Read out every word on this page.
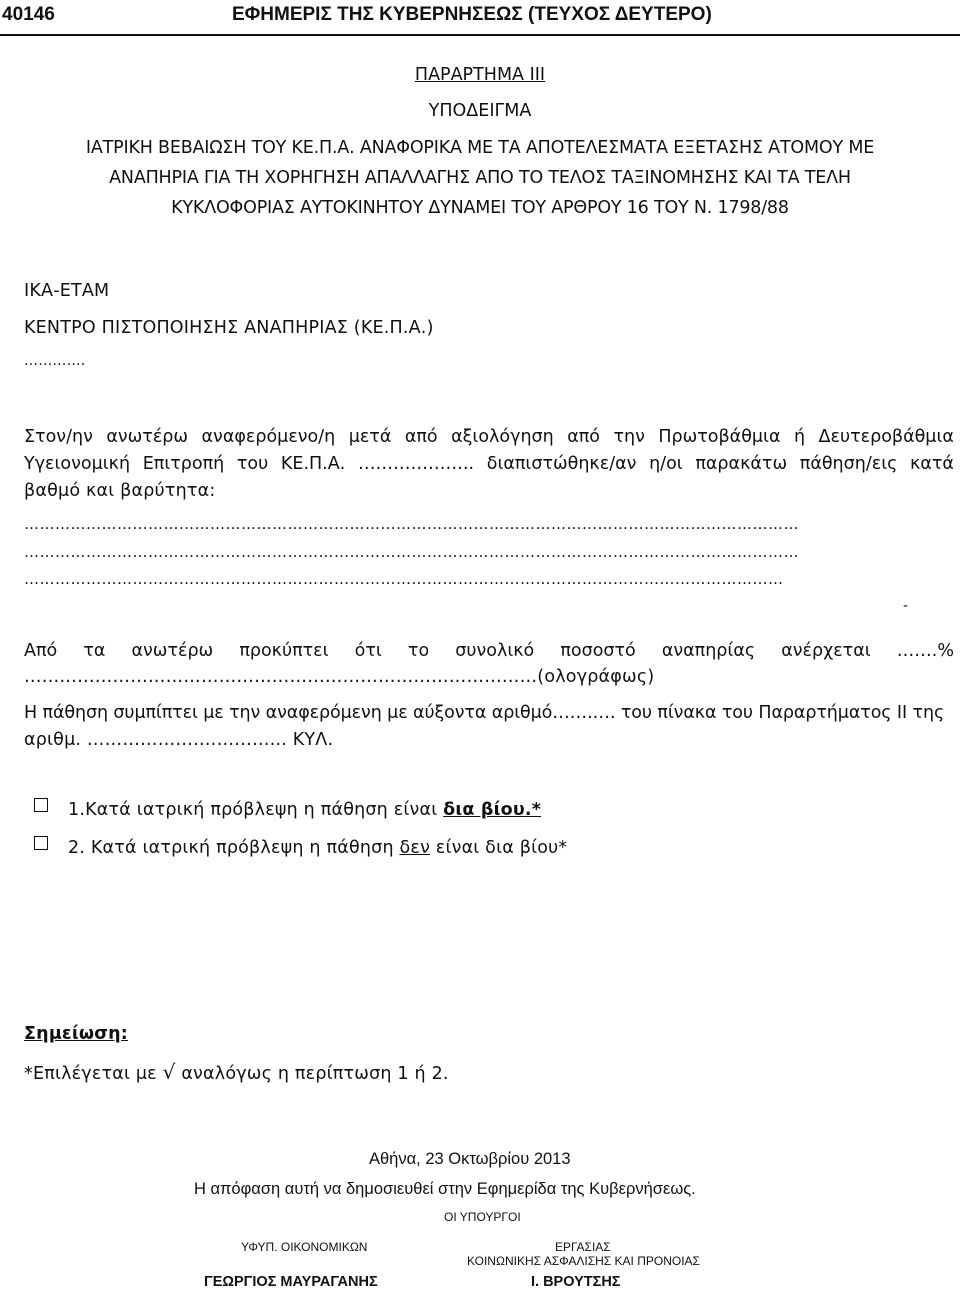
40146	ΕΦΗΜΕΡΙΣ ΤΗΣ ΚΥΒΕΡΝΗΣΕΩΣ (ΤΕΥΧΟΣ ΔΕΥΤΕΡΟ)
ΠΑΡΑΡΤΗΜΑ ΙΙΙ
ΥΠΟΔΕΙΓΜΑ
ΙΑΤΡΙΚΗ ΒΕΒΑΙΩΣΗ ΤΟΥ ΚΕ.Π.Α. ΑΝΑΦΟΡΙΚΑ ΜΕ ΤΑ ΑΠΟΤΕΛΕΣΜΑΤΑ ΕΞΕΤΑΣΗΣ ΑΤΟΜΟΥ ΜΕ
ΑΝΑΠΗΡΙΑ ΓΙΑ ΤΗ ΧΟΡΗΓΗΣΗ ΑΠΑΛΛΑΓΗΣ ΑΠΟ ΤΟ ΤΕΛΟΣ ΤΑΞΙΝΟΜΗΣΗΣ ΚΑΙ ΤΑ ΤΕΛΗ
ΚΥΚΛΟΦΟΡΙΑΣ ΑΥΤΟΚΙΝΗΤΟΥ ΔΥΝΑΜΕΙ ΤΟΥ ΑΡΘΡΟΥ 16 ΤΟΥ Ν. 1798/88
ΙΚΑ-ΕΤΑΜ
ΚΕΝΤΡΟ ΠΙΣΤΟΠΟΙΗΣΗΣ ΑΝΑΠΗΡΙΑΣ (ΚΕ.Π.Α.)
………….
Στον/ην ανωτέρω αναφερόμενο/η μετά από αξιολόγηση από την Πρωτοβάθμια ή Δευτεροβάθμια
Υγειονομική Επιτροπή του ΚΕ.Π.Α. ……………….. διαπιστώθηκε/αν η/οι παρακάτω πάθηση/εις κατά
βαθμό και βαρύτητα:
……………………………………………………………………………………………………………………………………
……………………………………………………………………………………………………………………………………
…………………………………………………………………………………………………………………………………
-
Από τα ανωτέρω προκύπτει ότι το συνολικό ποσοστό αναπηρίας ανέρχεται …….%
……………………………………………………………………………(ολογράφως)
Η πάθηση συμπίπτει με την αναφερόμενη με αύξοντα αριθμό…….…. του πίνακα του Παραρτήματος ΙΙ της
αριθμ. ……………….…………... ΚΥΛ.
1.Κατά ιατρική πρόβλεψη η πάθηση είναι δια βίου.*
2. Κατά ιατρική πρόβλεψη η πάθηση δεν είναι δια βίου*
Σημείωση:
*Επιλέγεται με √ αναλόγως η περίπτωση 1 ή 2.
Αθήνα, 23 Οκτωβρίου 2013
Η απόφαση αυτή να δημοσιευθεί στην Εφημερίδα της Κυβερνήσεως.
ΟΙ ΥΠΟΥΡΓΟΙ
ΥΦΥΠ. ΟΙΚΟΝΟΜΙΚΩΝ
ΓΕΩΡΓΙΟΣ ΜΑΥΡΑΓΑΝΗΣ
ΕΡΓΑΣΙΑΣ
ΚΟΙΝΩΝΙΚΗΣ ΑΣΦΑΛΙΣΗΣ ΚΑΙ ΠΡΟΝΟΙΑΣ
Ι. ΒΡΟΥΤΣΗΣ
